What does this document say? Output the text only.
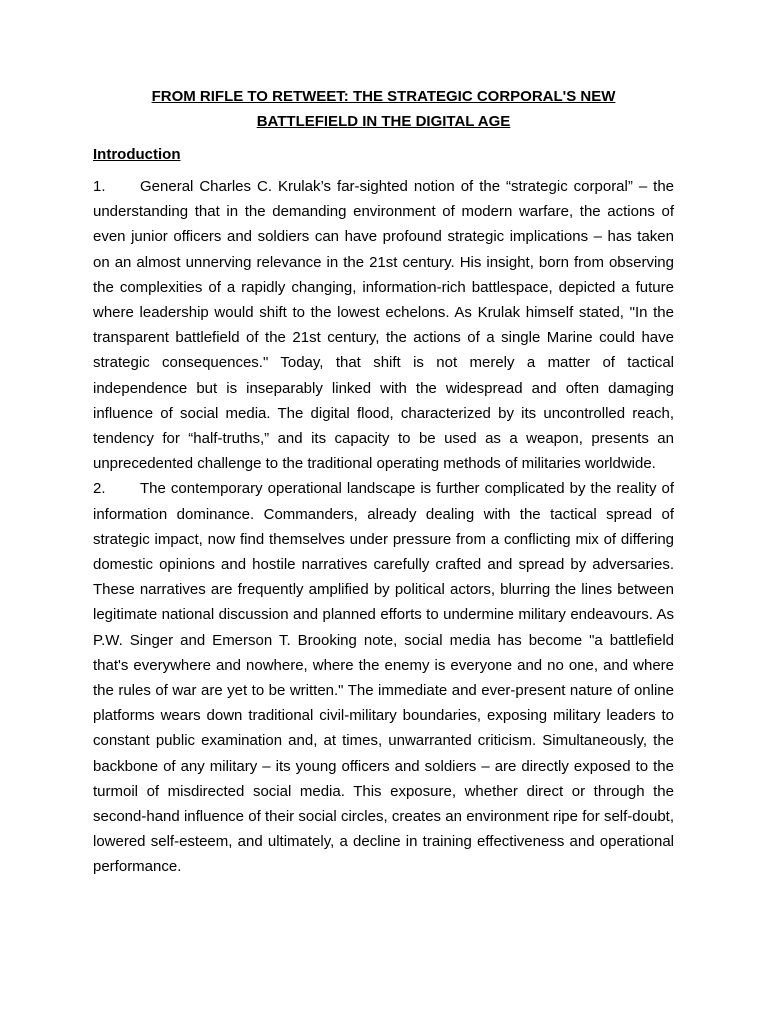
FROM RIFLE TO RETWEET: THE STRATEGIC CORPORAL'S NEW
BATTLEFIELD IN THE DIGITAL AGE
Introduction

1. General Charles C. Krulak’s far-sighted notion of the “strategic corporal” – the understanding that in the demanding environment of modern warfare, the actions of even junior officers and soldiers can have profound strategic implications – has taken on an almost unnerving relevance in the 21st century. His insight, born from observing the complexities of a rapidly changing, information-rich battlespace, depicted a future where leadership would shift to the lowest echelons. As Krulak himself stated, "In the transparent battlefield of the 21st century, the actions of a single Marine could have strategic consequences." Today, that shift is not merely a matter of tactical independence but is inseparably linked with the widespread and often damaging influence of social media. The digital flood, characterized by its uncontrolled reach, tendency for “half-truths,” and its capacity to be used as a weapon, presents an unprecedented challenge to the traditional operating methods of militaries worldwide.

2. The contemporary operational landscape is further complicated by the reality of information dominance. Commanders, already dealing with the tactical spread of strategic impact, now find themselves under pressure from a conflicting mix of differing domestic opinions and hostile narratives carefully crafted and spread by adversaries. These narratives are frequently amplified by political actors, blurring the lines between legitimate national discussion and planned efforts to undermine military endeavours. As P.W. Singer and Emerson T. Brooking note, social media has become "a battlefield that's everywhere and nowhere, where the enemy is everyone and no one, and where the rules of war are yet to be written." The immediate and ever-present nature of online platforms wears down traditional civil-military boundaries, exposing military leaders to constant public examination and, at times, unwarranted criticism. Simultaneously, the backbone of any military – its young officers and soldiers – are directly exposed to the turmoil of misdirected social media. This exposure, whether direct or through the second-hand influence of their social circles, creates an environment ripe for self-doubt, lowered self-esteem, and ultimately, a decline in training effectiveness and operational performance.
